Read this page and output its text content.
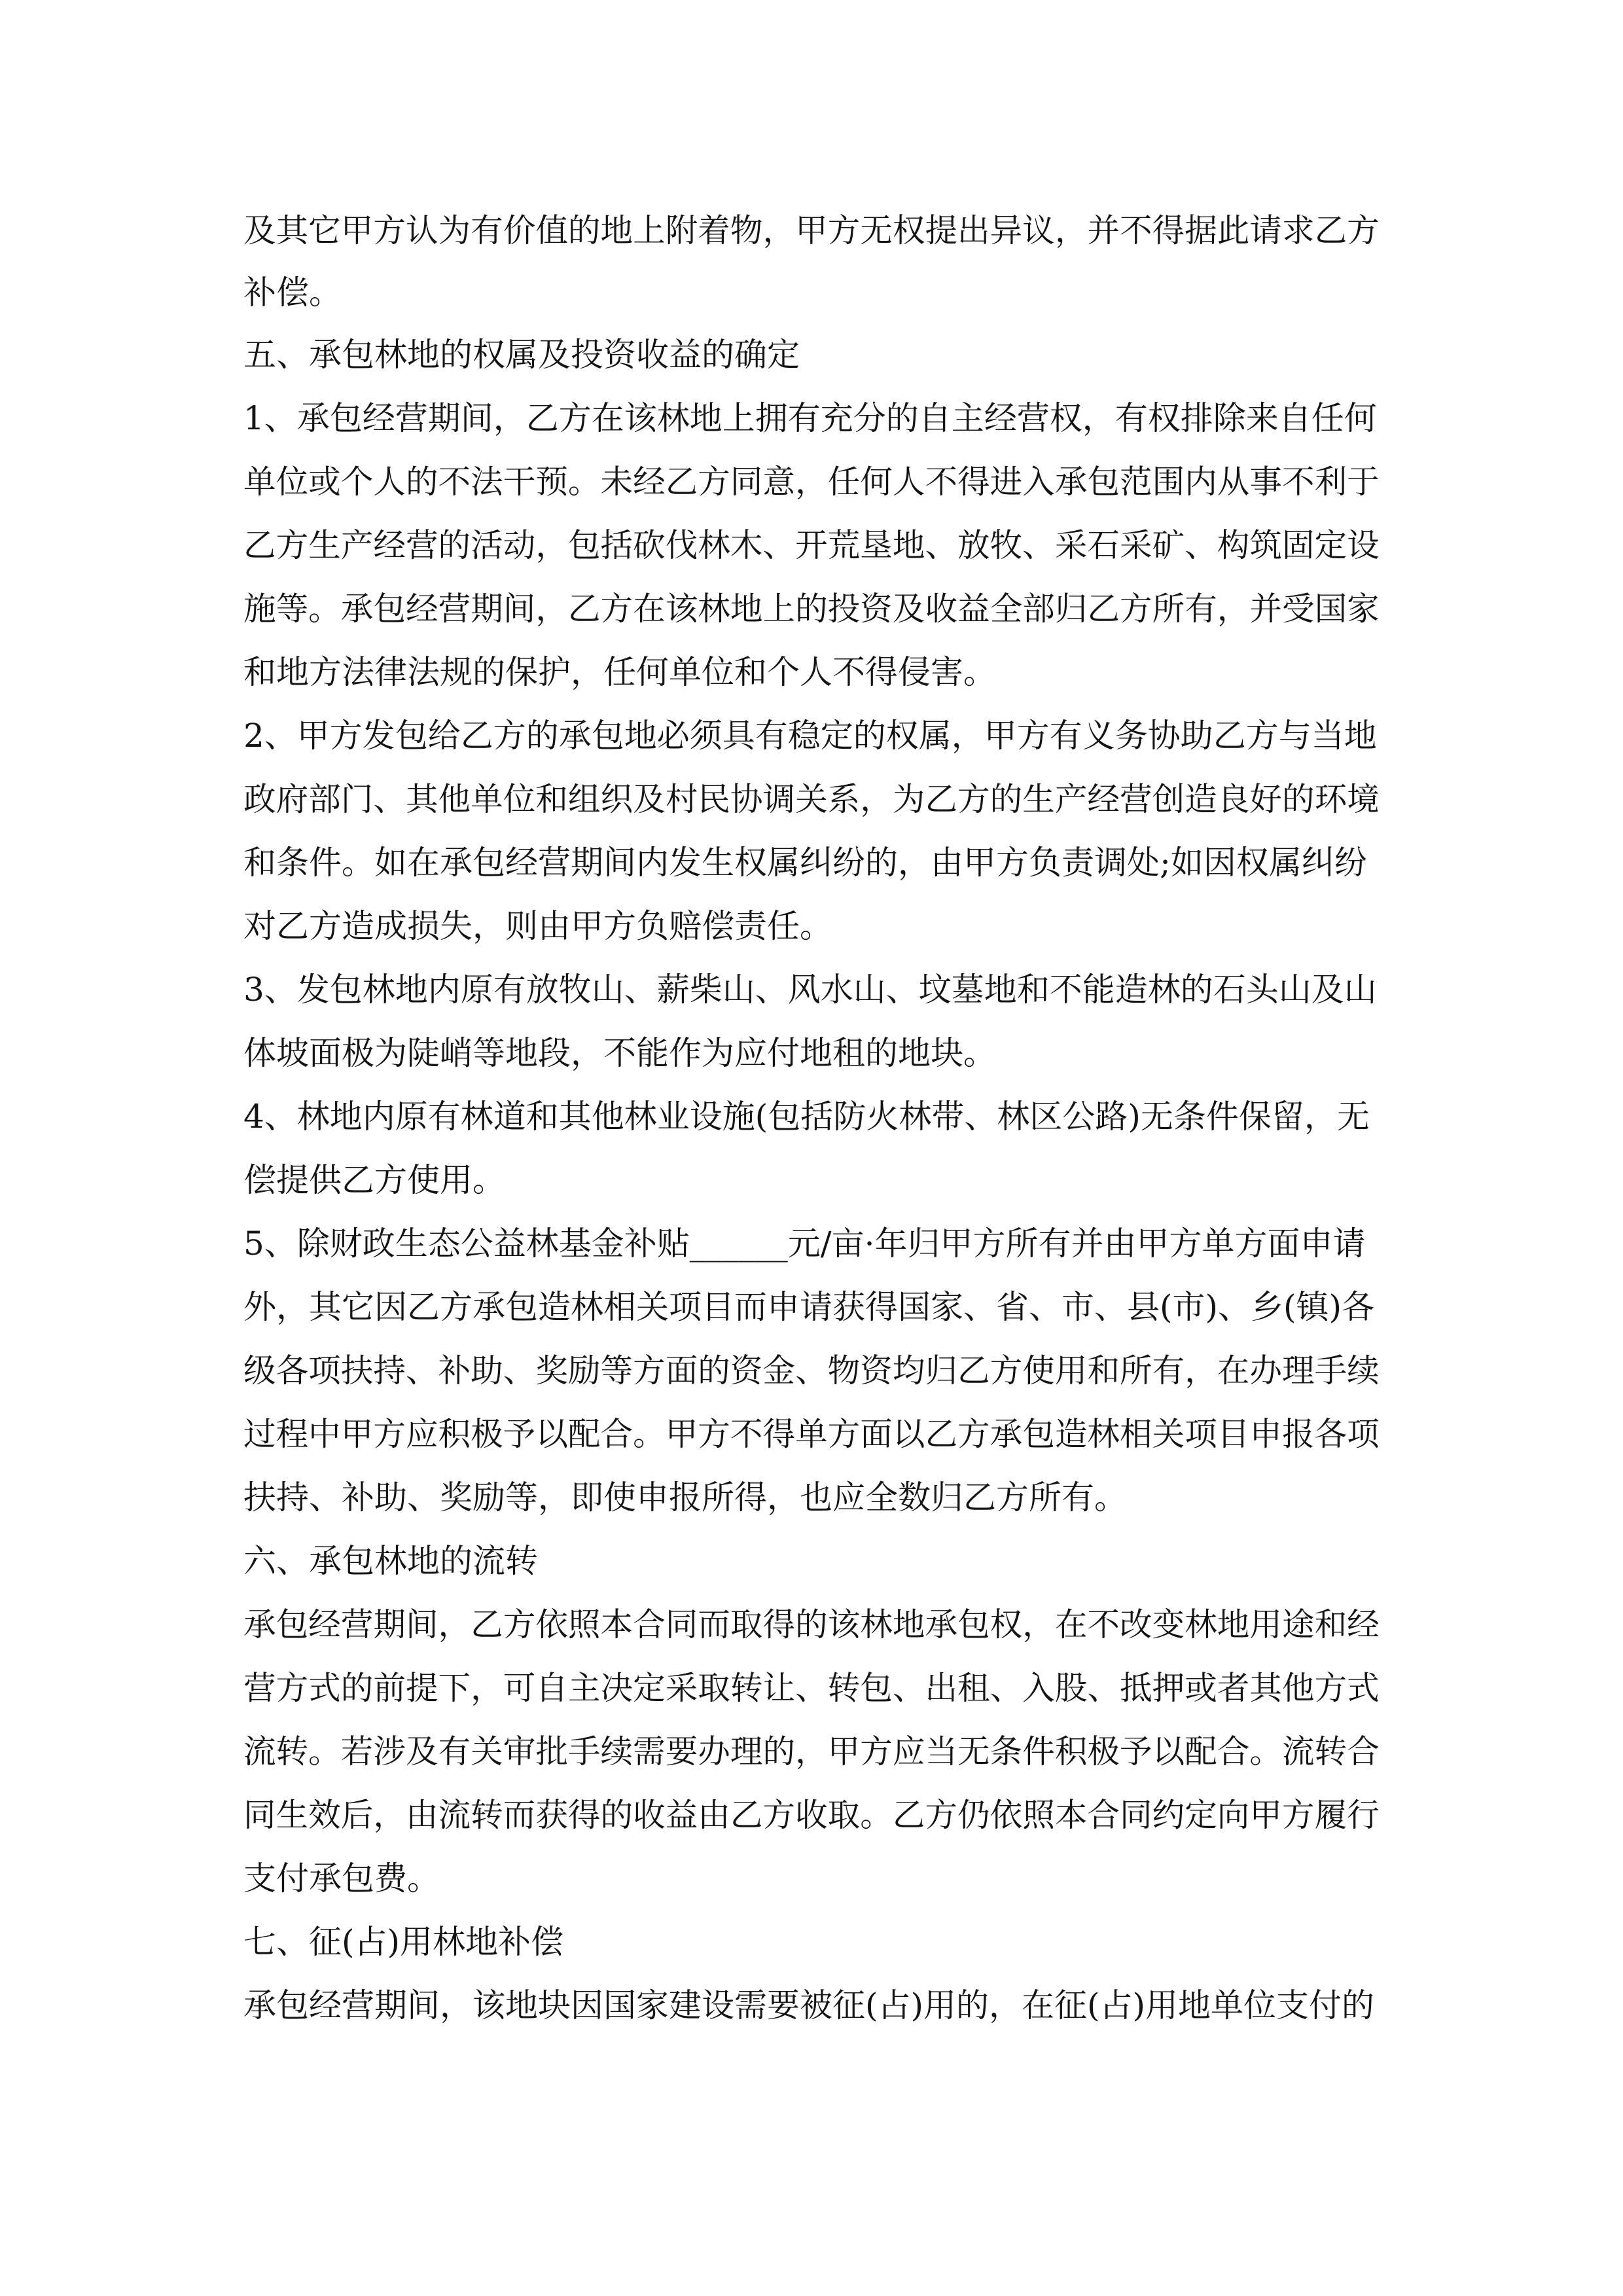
及其它甲方认为有价值的地上附着物，甲方无权提出异议，并不得据此请求乙方

补偿。

五、承包林地的权属及投资收益的确定

1、承包经营期间，乙方在该林地上拥有充分的自主经营权，有权排除来自任何

单位或个人的不法干预。未经乙方同意，任何人不得进入承包范围内从事不利于

乙方生产经营的活动，包括砍伐林木、开荒垦地、放牧、采石采矿、构筑固定设

施等。承包经营期间，乙方在该林地上的投资及收益全部归乙方所有，并受国家

和地方法律法规的保护，任何单位和个人不得侵害。

2、甲方发包给乙方的承包地必须具有稳定的权属，甲方有义务协助乙方与当地

政府部门、其他单位和组织及村民协调关系，为乙方的生产经营创造良好的环境

和条件。如在承包经营期间内发生权属纠纷的，由甲方负责调处;如因权属纠纷

对乙方造成损失，则由甲方负赔偿责任。

3、发包林地内原有放牧山、薪柴山、风水山、坟墓地和不能造林的石头山及山

体坡面极为陡峭等地段，不能作为应付地租的地块。

4、林地内原有林道和其他林业设施(包括防火林带、林区公路)无条件保留，无

偿提供乙方使用。

5、除财政生态公益林基金补贴______元/亩·年归甲方所有并由甲方单方面申请

外，其它因乙方承包造林相关项目而申请获得国家、省、市、县(市)、乡(镇)各

级各项扶持、补助、奖励等方面的资金、物资均归乙方使用和所有，在办理手续

过程中甲方应积极予以配合。甲方不得单方面以乙方承包造林相关项目申报各项

扶持、补助、奖励等，即使申报所得，也应全数归乙方所有。

六、承包林地的流转

承包经营期间，乙方依照本合同而取得的该林地承包权，在不改变林地用途和经

营方式的前提下，可自主决定采取转让、转包、出租、入股、抵押或者其他方式

流转。若涉及有关审批手续需要办理的，甲方应当无条件积极予以配合。流转合

同生效后，由流转而获得的收益由乙方收取。乙方仍依照本合同约定向甲方履行

支付承包费。

七、征(占)用林地补偿

承包经营期间，该地块因国家建设需要被征(占)用的，在征(占)用地单位支付的
